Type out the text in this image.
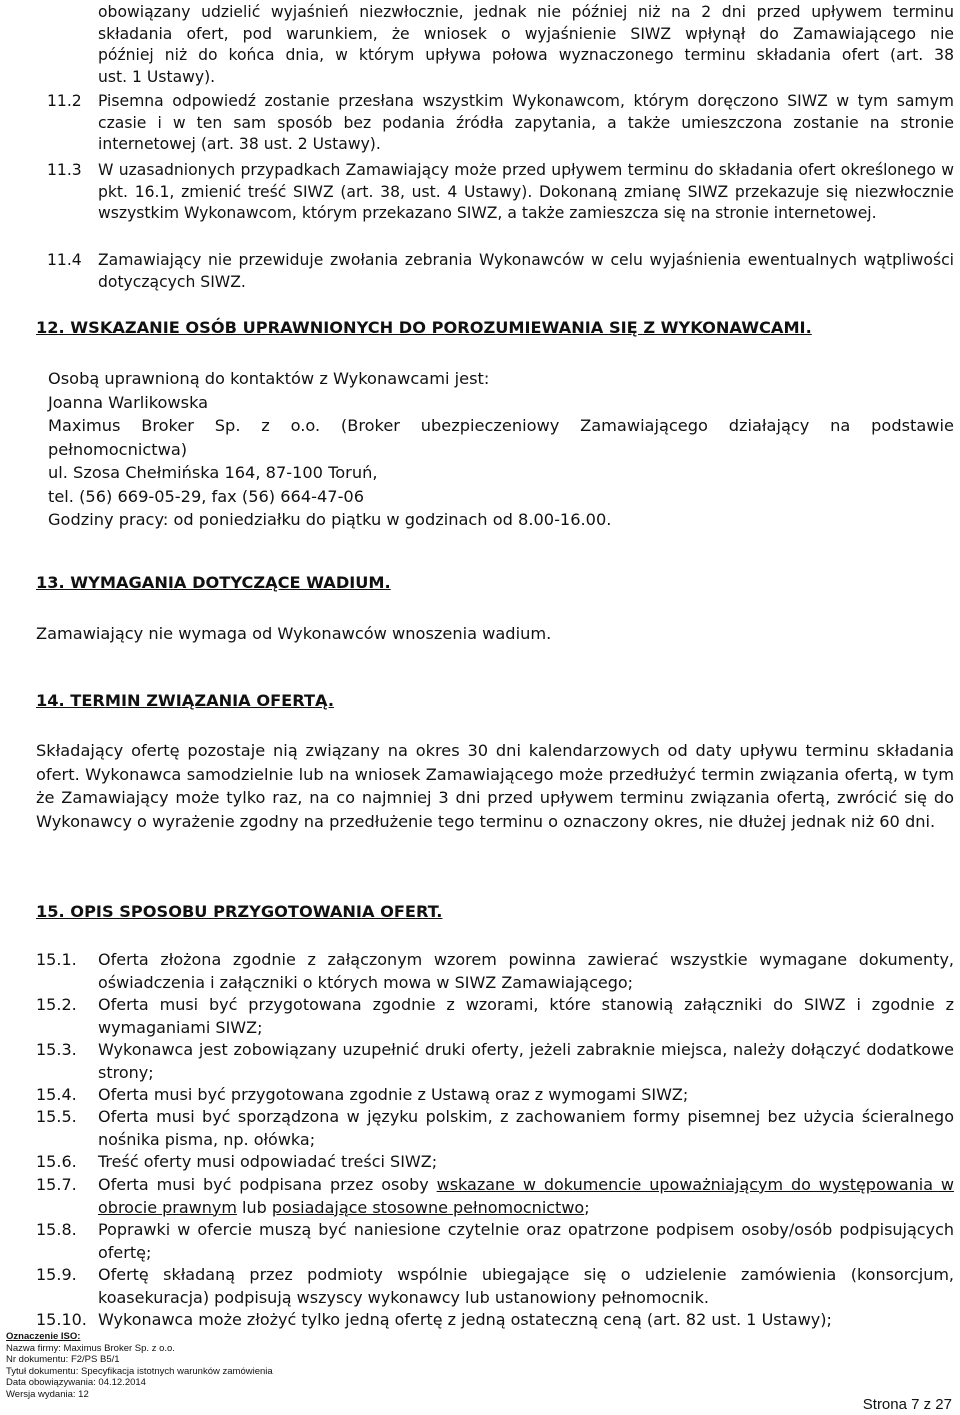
obowiązany udzielić wyjaśnień niezwłocznie, jednak nie później niż na 2 dni przed upływem terminu
składania ofert, pod warunkiem, że wniosek o wyjaśnienie SIWZ wpłynął do Zamawiającego nie
później niż do końca dnia, w którym upływa połowa wyznaczonego terminu składania ofert (art. 38
ust. 1 Ustawy).
11.2 Pisemna odpowiedź zostanie przesłana wszystkim Wykonawcom, którym doręczono SIWZ w tym samym czasie i w ten sam sposób bez podania źródła zapytania, a także umieszczona zostanie na stronie internetowej (art. 38 ust. 2 Ustawy).

11.3 W uzasadnionych przypadkach Zamawiający może przed upływem terminu do składania ofert określonego w pkt. 16.1, zmienić treść SIWZ (art. 38, ust. 4 Ustawy). Dokonaną zmianę SIWZ przekazuje się niezwłocznie wszystkim Wykonawcom, którym przekazano SIWZ, a także zamieszcza się na stronie internetowej.

11.4 Zamawiający nie przewiduje zwołania zebrania Wykonawców w celu wyjaśnienia ewentualnych wątpliwości dotyczących SIWZ.

12. WSKAZANIE OSÓB UPRAWNIONYCH DO POROZUMIEWANIA SIĘ Z WYKONAWCAMI.
Osobą uprawnioną do kontaktów z Wykonawcami jest:
Joanna Warlikowska
Maximus Broker Sp. z o.o. (Broker ubezpieczeniowy Zamawiającego działający na podstawie
pełnomocnictwa)
ul. Szosa Chełmińska 164, 87-100 Toruń,
tel. (56) 669-05-29, fax (56) 664-47-06
Godziny pracy: od poniedziałku do piątku w godzinach od 8.00-16.00.
13. WYMAGANIA DOTYCZĄCE WADIUM.

Zamawiający nie wymaga od Wykonawców wnoszenia wadium.

14. TERMIN ZWIĄZANIA OFERTĄ.

Składający ofertę pozostaje nią związany na okres 30 dni kalendarzowych od daty upływu terminu składania ofert. Wykonawca samodzielnie lub na wniosek Zamawiającego może przedłużyć termin związania ofertą, w tym że Zamawiający może tylko raz, na co najmniej 3 dni przed upływem terminu związania ofertą, zwrócić się do Wykonawcy o wyrażenie zgodny na przedłużenie tego terminu o oznaczony okres, nie dłużej jednak niż 60 dni.

15. OPIS SPOSOBU PRZYGOTOWANIA OFERT.
15.1. Oferta złożona zgodnie z załączonym wzorem powinna zawierać wszystkie wymagane dokumenty, oświadczenia i załączniki o których mowa w SIWZ Zamawiającego;

15.2. Oferta musi być przygotowana zgodnie z wzorami, które stanowią załączniki do SIWZ i zgodnie z wymaganiami SIWZ;

15.3. Wykonawca jest zobowiązany uzupełnić druki oferty, jeżeli zabraknie miejsca, należy dołączyć dodatkowe strony;

15.4. Oferta musi być przygotowana zgodnie z Ustawą oraz z wymogami SIWZ;

15.5. Oferta musi być sporządzona w języku polskim, z zachowaniem formy pisemnej bez użycia ścieralnego nośnika pisma, np. ołówka;

15.6. Treść oferty musi odpowiadać treści SIWZ;

15.7. Oferta musi być podpisana przez osoby wskazane w dokumencie upoważniającym do występowania w obrocie prawnym lub posiadające stosowne pełnomocnictwo;

15.8. Poprawki w ofercie muszą być naniesione czytelnie oraz opatrzone podpisem osoby/osób podpisujących ofertę;

15.9. Ofertę składaną przez podmioty wspólnie ubiegające się o udzielenie zamówienia (konsorcjum, koasekuracja) podpisują wszyscy wykonawcy lub ustanowiony pełnomocnik.

15.10. Wykonawca może złożyć tylko jedną ofertę z jedną ostateczną ceną (art. 82 ust. 1 Ustawy);

Oznaczenie ISO:
Nazwa firmy: Maximus Broker Sp. z o.o.
Nr dokumentu: F2/PS B5/1
Tytuł dokumentu: Specyfikacja istotnych warunków zamówienia
Data obowiązywania: 04.12.2014
Wersja wydania: 12
Strona 7 z 27
